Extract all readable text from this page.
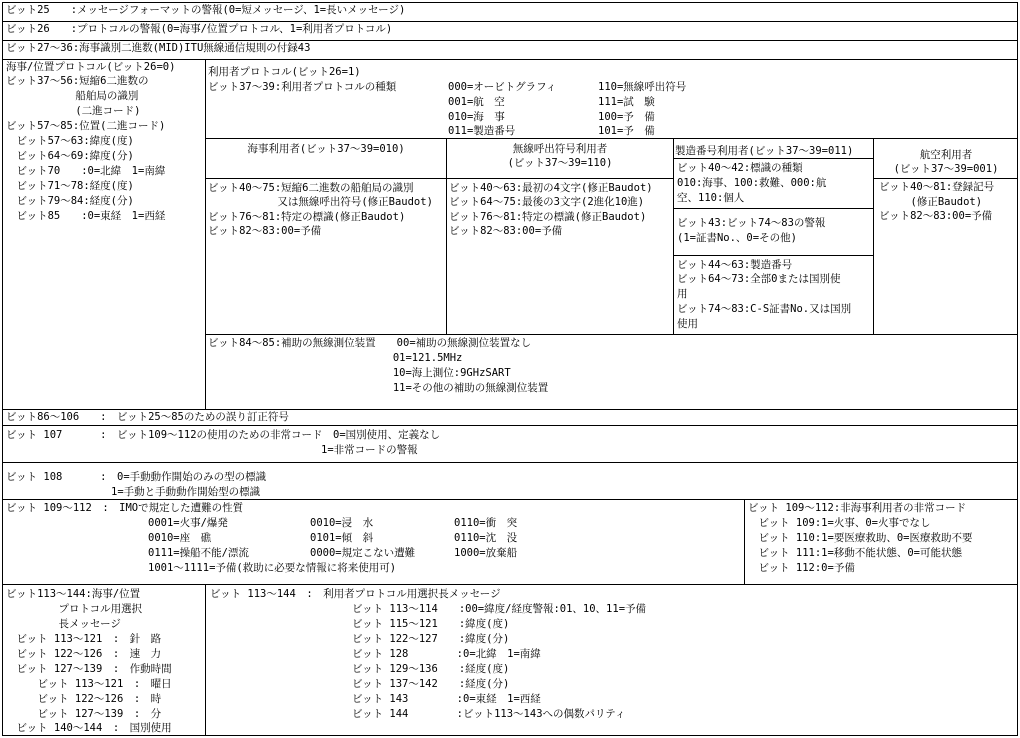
ビット25　　:メッセージフォーマットの警報(0=短メッセージ、1=長いメッセージ)
ビット26　　:プロトコルの警報(0=海事/位置プロトコル、1=利用者プロトコル)
ビット27～36:海事識別二進数(MID)ITU無線通信規則の付録43
海事/位置プロトコル(ビット26=0)
ビット37～56:短縮6二進数の
　　　　　　 船舶局の識別
　　　　　　 (二進コード)
ビット57～85:位置(二進コード)
　ビット57～63:緯度(度)
　ビット64～69:緯度(分)
　ビット70　　:0=北緯　1=南緯
　ビット71～78:経度(度)
　ビット79～84:経度(分)
　ビット85　　:0=東経　1=西経
利用者プロトコル(ビット26=1)
ビット37～39:利用者プロトコルの種類	000=オービトグラフィ
001=航　空
010=海　事
011=製造番号
110=無線呼出符号
111=試　験
100=予　備
101=予　備
海事利用者(ビット37～39=010)
ビット40～75:短縮6二進数の船舶局の識別
　　　　　　 又は無線呼出符号(修正Baudot)
ビット76～81:特定の標識(修正Baudot)
ビット82～83:00=予備
無線呼出符号利用者
(ビット37～39=110)
ビット40～63:最初の4文字(修正Baudot)
ビット64～75:最後の3文字(2進化10進)
ビット76～81:特定の標識(修正Baudot)
ビット82～83:00=予備
製造番号利用者(ビット37～39=011)
ビット40～42:標識の種類
010:海事、100:救難、000:航
空、110:個人
ビット43:ビット74～83の警報
(1=証書No.、0=その他)
ビット44～63:製造番号
ビット64～73:全部0または国別使
用
ビット74～83:C-S証書No.又は国別
使用
航空利用者
(ビット37～39=001)
ビット40～81:登録記号
　　　(修正Baudot)
ビット82～83:00=予備
ビット84～85:補助の無線測位装置　　00=補助の無線測位装置なし
　　　　　　　　　　　　　　　　　 01=121.5MHz
　　　　　　　　　　　　　　　　　 10=海上測位:9GHzSART
　　　　　　　　　　　　　　　　　 11=その他の補助の無線測位装置
ビット86～106　　:　ビット25～85のための誤り訂正符号
ビット 107　　　 :　ビット109～112の使用のための非常コード　0=国別使用、定義なし
　　　　　　　　　　　　　　　　　　　　　　　　　　　　　　1=非常コードの警報
ビット 108　　　 :　0=手動動作開始のみの型の標識
　　　　　　　　　　1=手動と手動動作開始型の標識
ビット 109～112　:　IMOで規定した遭難の性質
0001=火事/爆発
0010=座　礁
0111=操船不能/漂流
1001～1111=予備(救助に必要な情報に将来使用可)
0010=浸　水
0101=傾　斜
0000=規定こない遭難
0110=衝　突
0110=沈　没
1000=放棄船
ビット 109～112:非海事利用者の非常コード
　ビット 109:1=火事、0=火事でなし
　ビット 110:1=要医療救助、0=医療救助不要
　ビット 111:1=移動不能状態、0=可能状態
　ビット 112:0=予備
ビット113～144:海事/位置
　　　　　プロトコル用選択
　　　　　長メッセージ
　ビット 113～121　:　針　路
　ビット 122～126　:　速　力
　ビット 127～139　:　作動時間
　　　ビット 113～121　:　曜日
　　　ビット 122～126　:　時
　　　ビット 127～139　:　分
　ビット 140～144　:　国別使用
ビット 113～144　:　利用者プロトコル用選択長メッセージ
ビット 113～114　　:00=緯度/経度警報:01、10、11=予備
ビット 115～121　　:緯度(度)
ビット 122～127　　:緯度(分)
ビット 128　　　　 :0=北緯　1=南緯
ビット 129～136　　:経度(度)
ビット 137～142　　:経度(分)
ビット 143　　　　 :0=東経　1=西経
ビット 144　　　　 :ビット113～143への偶数パリティ
